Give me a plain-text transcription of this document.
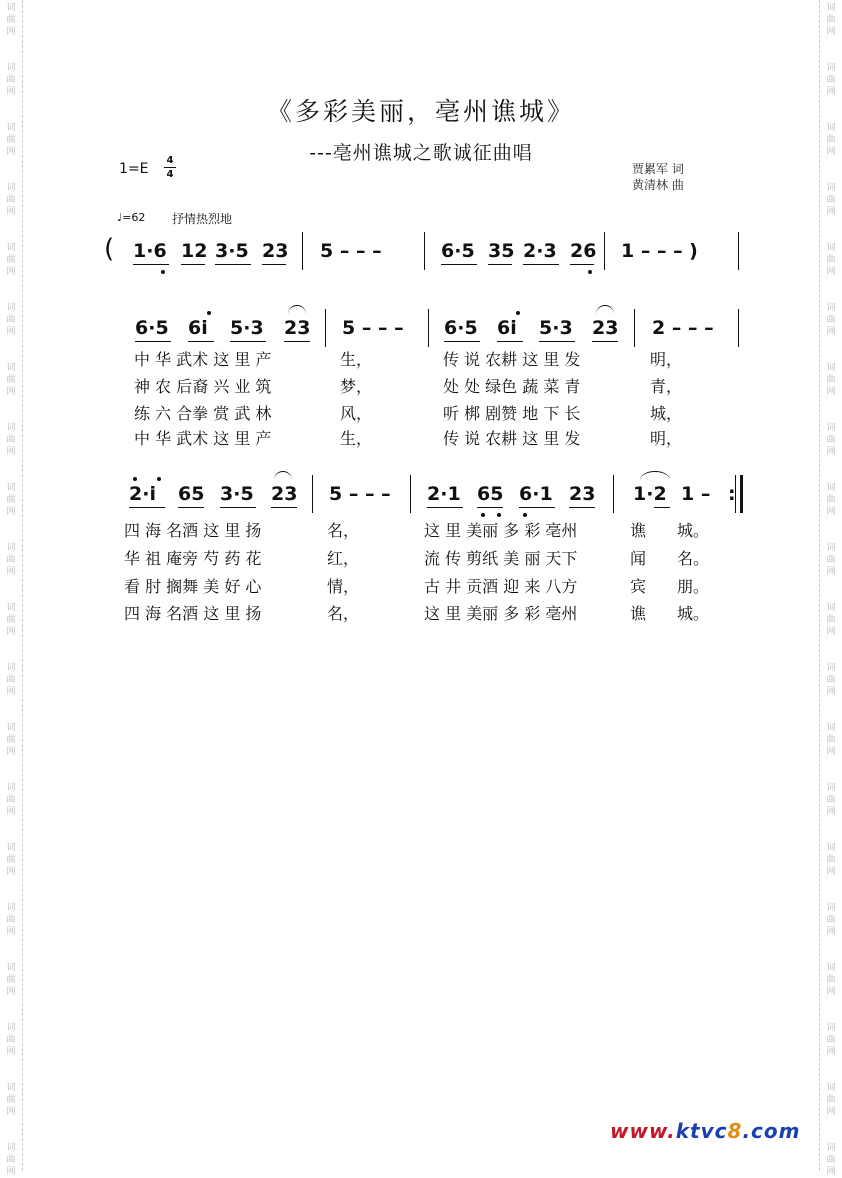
词
曲
网
词
曲
网
词
曲
网
词
曲
网
词
曲
网
词
曲
网
词
曲
网
词
曲
网
词
曲
网
词
曲
网
词
曲
网
词
曲
网
词
曲
网
词
曲
网
词
曲
网
词
曲
网
词
曲
网
词
曲
网
词
曲
网
词
曲
网
词
曲
网
词
曲
网
词
曲
网
词
曲
网
词
曲
网
词
曲
网
词
曲
网
词
曲
网
词
曲
网
词
曲
网
词
曲
网
词
曲
网
词
曲
网
词
曲
网
词
曲
网
词
曲
网
词
曲
网
词
曲
网
词
曲
网
词
曲
网
《多彩美丽，亳州谯城》
---亳州谯城之歌诚征曲唱
1=E
4
4	贾累军 词
黄清林 曲
♩=62 抒情热烈地
( 1·6 12 3·5 23 5 – – –	6·5 35 2·3 26 1 – – – )
6·5 6i 5·3 23 5 – – – 6·5 6i 5·3 23 2 – – –
中 华 武术 这 里 产	生，	传 说 农耕 这 里 发	明，
神 农 后裔 兴 业 筑	梦，	处 处 绿色 蔬 菜 青	青，
练 六 合拳 赏 武 林	风，	听 梆 剧赞 地 下 长	城，
中 华 武术 这 里 产	生，	传 说 农耕 这 里 发	明，
2·i 65 3·5 23 5 – – – 2·1 65 6·1 23 1·2 1 – :
四 海 名酒 这 里 扬	名，	这 里 美丽 多 彩 亳州	谯 城。
华 祖 庵旁 芍 药 花	红，	流 传 剪纸 美 丽 天下	闻 名。
看 肘 搁舞 美 好 心	情，	古 井 贡酒 迎 来 八方	宾 朋。
四 海 名酒 这 里 扬	名，	这 里 美丽 多 彩 亳州	谯 城。
www.ktvc8.com
